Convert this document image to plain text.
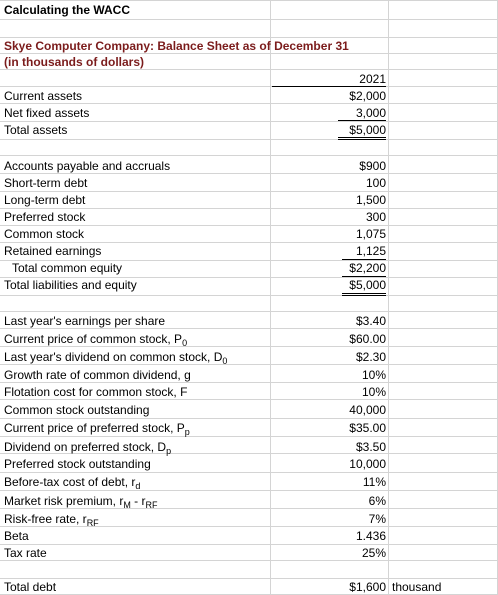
Calculating the WACC
Skye Computer Company: Balance Sheet as of December 31
(in thousands of dollars)
2021
Current assets	$2,000
Net fixed assets	3,000
Total assets	$5,000
Accounts payable and accruals	$900
Short-term debt	100
Long-term debt	1,500
Preferred stock	300
Common stock	1,075
Retained earnings	1,125
Total common equity	$2,200
Total liabilities and equity	$5,000
Last year's earnings per share	$3.40
Current price of common stock, $P_0$	$60.00
Last year's dividend on common stock, $D_0$	$2.30
Growth rate of common dividend, g	10%
Flotation cost for common stock, F	10%
Common stock outstanding	40,000
Current price of preferred stock, $P_p$	$35.00
Dividend on preferred stock, $D_p$	$3.50
Preferred stock outstanding	10,000
Before-tax cost of debt, $r_d$	11%
Market risk premium, $r_M - r_{RF}$	6%
Risk-free rate, $r_{RF}$	7%
Beta	1.436
Tax rate	25%
Total debt	$1,600 thousand
